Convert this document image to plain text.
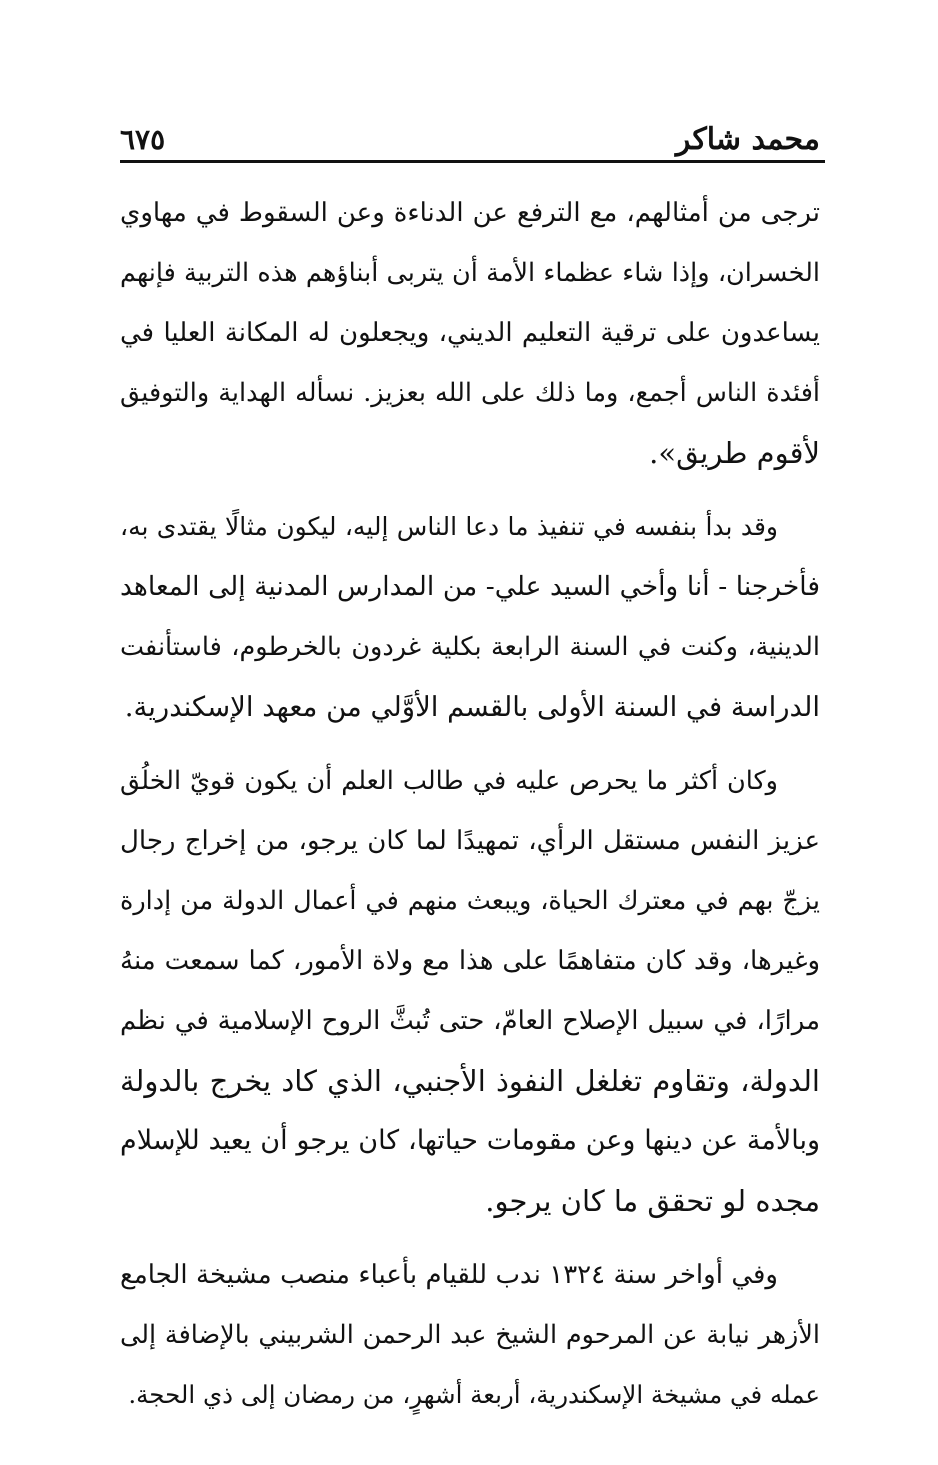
محمد شاكر
٦٧٥
ترجى من أمثالهم، مع الترفع عن الدناءة وعن السقوط في مهاوي
الخسران، وإذا شاء عظماء الأمة أن يتربى أبناؤهم هذه التربية فإنهم
يساعدون على ترقية التعليم الديني، ويجعلون له المكانة العليا في
أفئدة الناس أجمع، وما ذلك على الله بعزيز. نسأله الهداية والتوفيق
لأقوم طريق».
وقد بدأ بنفسه في تنفيذ ما دعا الناس إليه، ليكون مثالًا يقتدى به،
فأخرجنا - أنا وأخي السيد علي- من المدارس المدنية إلى المعاهد
الدينية، وكنت في السنة الرابعة بكلية غردون بالخرطوم، فاستأنفت
الدراسة في السنة الأولى بالقسم الأوَّلي من معهد الإسكندرية.
وكان أكثر ما يحرص عليه في طالب العلم أن يكون قويّ الخلُق
عزيز النفس مستقل الرأي، تمهيدًا لما كان يرجو، من إخراج رجال
يزجّ بهم في معترك الحياة، ويبعث منهم في أعمال الدولة من إدارة
وغيرها، وقد كان متفاهمًا على هذا مع ولاة الأمور، كما سمعت منهُ
مرارًا، في سبيل الإصلاح العامّ، حتى تُبثَّ الروح الإسلامية في نظم
الدولة، وتقاوم تغلغل النفوذ الأجنبي، الذي كاد يخرج بالدولة
وبالأمة عن دينها وعن مقومات حياتها، كان يرجو أن يعيد للإسلام
مجده لو تحقق ما كان يرجو.
وفي أواخر سنة ١٣٢٤ ندب للقيام بأعباء منصب مشيخة الجامع
الأزهر نيابة عن المرحوم الشيخ عبد الرحمن الشربيني بالإضافة إلى
عمله في مشيخة الإسكندرية، أربعة أشهرٍ، من رمضان إلى ذي الحجة.
